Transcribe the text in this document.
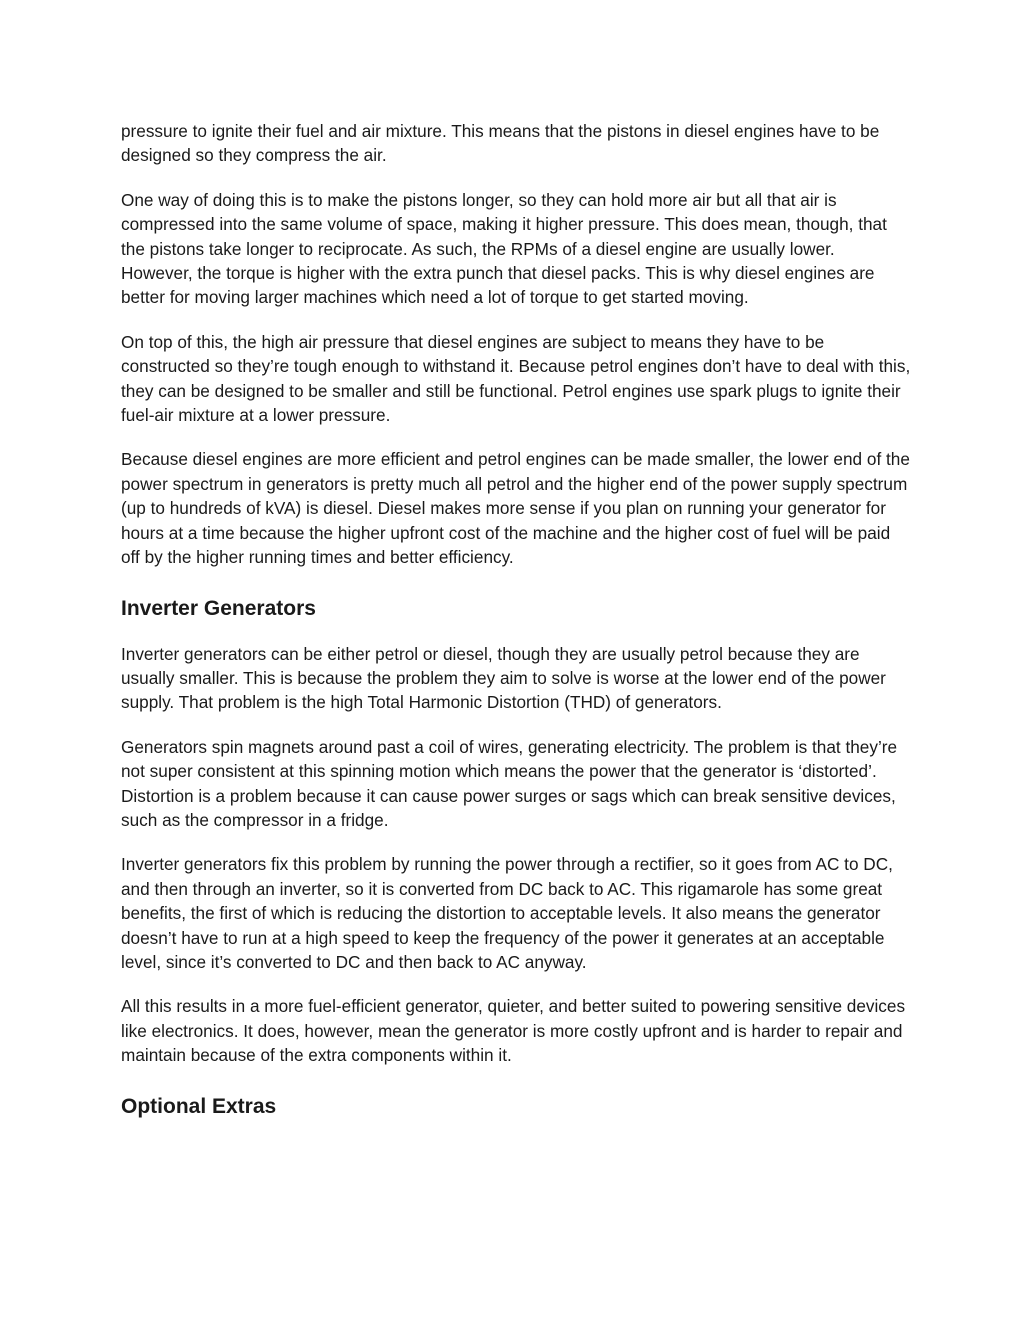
pressure to ignite their fuel and air mixture. This means that the pistons in diesel engines have to be designed so they compress the air.

One way of doing this is to make the pistons longer, so they can hold more air but all that air is compressed into the same volume of space, making it higher pressure. This does mean, though, that the pistons take longer to reciprocate. As such, the RPMs of a diesel engine are usually lower. However, the torque is higher with the extra punch that diesel packs. This is why diesel engines are better for moving larger machines which need a lot of torque to get started moving.

On top of this, the high air pressure that diesel engines are subject to means they have to be constructed so they’re tough enough to withstand it. Because petrol engines don’t have to deal with this, they can be designed to be smaller and still be functional. Petrol engines use spark plugs to ignite their fuel-air mixture at a lower pressure.

Because diesel engines are more efficient and petrol engines can be made smaller, the lower end of the power spectrum in generators is pretty much all petrol and the higher end of the power supply spectrum (up to hundreds of kVA) is diesel. Diesel makes more sense if you plan on running your generator for hours at a time because the higher upfront cost of the machine and the higher cost of fuel will be paid off by the higher running times and better efficiency.

Inverter Generators

Inverter generators can be either petrol or diesel, though they are usually petrol because they are usually smaller. This is because the problem they aim to solve is worse at the lower end of the power supply. That problem is the high Total Harmonic Distortion (THD) of generators.

Generators spin magnets around past a coil of wires, generating electricity. The problem is that they’re not super consistent at this spinning motion which means the power that the generator is ‘distorted’. Distortion is a problem because it can cause power surges or sags which can break sensitive devices, such as the compressor in a fridge.

Inverter generators fix this problem by running the power through a rectifier, so it goes from AC to DC, and then through an inverter, so it is converted from DC back to AC. This rigamarole has some great benefits, the first of which is reducing the distortion to acceptable levels. It also means the generator doesn’t have to run at a high speed to keep the frequency of the power it generates at an acceptable level, since it’s converted to DC and then back to AC anyway.

All this results in a more fuel-efficient generator, quieter, and better suited to powering sensitive devices like electronics. It does, however, mean the generator is more costly upfront and is harder to repair and maintain because of the extra components within it.

Optional Extras
